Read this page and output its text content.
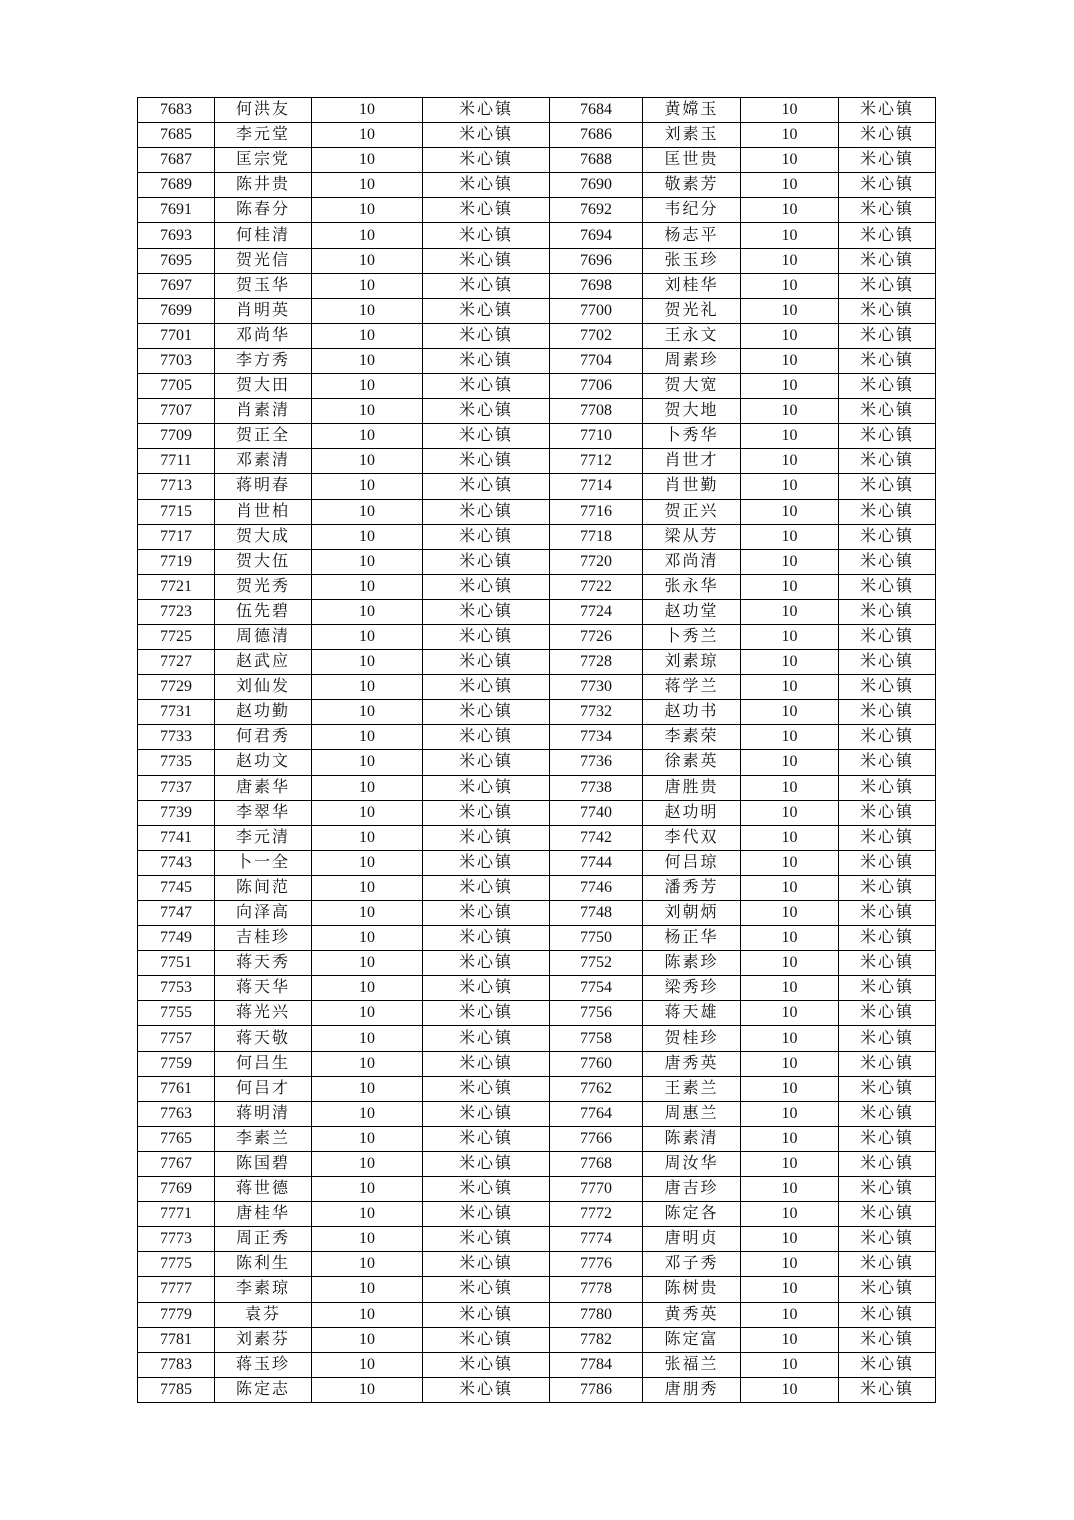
7683	何洪友	10	米心镇	7684	黄嫦玉	10	米心镇
7685	李元堂	10	米心镇	7686	刘素玉	10	米心镇
7687	匡宗党	10	米心镇	7688	匡世贵	10	米心镇
7689	陈井贵	10	米心镇	7690	敬素芳	10	米心镇
7691	陈春分	10	米心镇	7692	韦纪分	10	米心镇
7693	何桂清	10	米心镇	7694	杨志平	10	米心镇
7695	贺光信	10	米心镇	7696	张玉珍	10	米心镇
7697	贺玉华	10	米心镇	7698	刘桂华	10	米心镇
7699	肖明英	10	米心镇	7700	贺光礼	10	米心镇
7701	邓尚华	10	米心镇	7702	王永文	10	米心镇
7703	李方秀	10	米心镇	7704	周素珍	10	米心镇
7705	贺大田	10	米心镇	7706	贺大宽	10	米心镇
7707	肖素清	10	米心镇	7708	贺大地	10	米心镇
7709	贺正全	10	米心镇	7710	卜秀华	10	米心镇
7711	邓素清	10	米心镇	7712	肖世才	10	米心镇
7713	蒋明春	10	米心镇	7714	肖世勤	10	米心镇
7715	肖世柏	10	米心镇	7716	贺正兴	10	米心镇
7717	贺大成	10	米心镇	7718	梁从芳	10	米心镇
7719	贺大伍	10	米心镇	7720	邓尚清	10	米心镇
7721	贺光秀	10	米心镇	7722	张永华	10	米心镇
7723	伍先碧	10	米心镇	7724	赵功堂	10	米心镇
7725	周德清	10	米心镇	7726	卜秀兰	10	米心镇
7727	赵武应	10	米心镇	7728	刘素琼	10	米心镇
7729	刘仙发	10	米心镇	7730	蒋学兰	10	米心镇
7731	赵功勤	10	米心镇	7732	赵功书	10	米心镇
7733	何君秀	10	米心镇	7734	李素荣	10	米心镇
7735	赵功文	10	米心镇	7736	徐素英	10	米心镇
7737	唐素华	10	米心镇	7738	唐胜贵	10	米心镇
7739	李翠华	10	米心镇	7740	赵功明	10	米心镇
7741	李元清	10	米心镇	7742	李代双	10	米心镇
7743	卜一全	10	米心镇	7744	何吕琼	10	米心镇
7745	陈间范	10	米心镇	7746	潘秀芳	10	米心镇
7747	向泽高	10	米心镇	7748	刘朝炳	10	米心镇
7749	吉桂珍	10	米心镇	7750	杨正华	10	米心镇
7751	蒋天秀	10	米心镇	7752	陈素珍	10	米心镇
7753	蒋天华	10	米心镇	7754	梁秀珍	10	米心镇
7755	蒋光兴	10	米心镇	7756	蒋天雄	10	米心镇
7757	蒋天敬	10	米心镇	7758	贺桂珍	10	米心镇
7759	何吕生	10	米心镇	7760	唐秀英	10	米心镇
7761	何吕才	10	米心镇	7762	王素兰	10	米心镇
7763	蒋明清	10	米心镇	7764	周惠兰	10	米心镇
7765	李素兰	10	米心镇	7766	陈素清	10	米心镇
7767	陈国碧	10	米心镇	7768	周汝华	10	米心镇
7769	蒋世德	10	米心镇	7770	唐吉珍	10	米心镇
7771	唐桂华	10	米心镇	7772	陈定各	10	米心镇
7773	周正秀	10	米心镇	7774	唐明贞	10	米心镇
7775	陈利生	10	米心镇	7776	邓子秀	10	米心镇
7777	李素琼	10	米心镇	7778	陈树贵	10	米心镇
7779	袁芬	10	米心镇	7780	黄秀英	10	米心镇
7781	刘素芬	10	米心镇	7782	陈定富	10	米心镇
7783	蒋玉珍	10	米心镇	7784	张福兰	10	米心镇
7785	陈定志	10	米心镇	7786	唐朋秀	10	米心镇
